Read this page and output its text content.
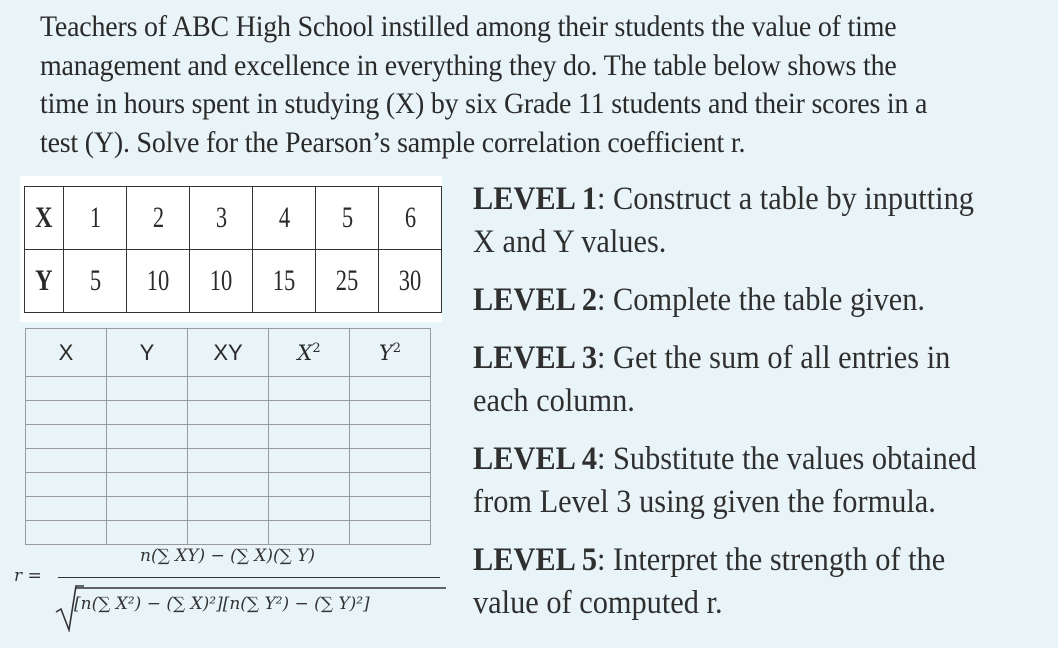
Teachers of ABC High School instilled among their students the value of time

management and excellence in everything they do. The table below shows the

time in hours spent in studying (X) by six Grade 11 students and their scores in a

test (Y). Solve for the Pearson’s sample correlation coefficient r.

X	1	2	3	4	5	6
Y	5	10	10	15	25	30
X	Y	XY	$X^2$	$Y^2$

r =
n(∑ XY) − (∑ X)(∑ Y)
[n(∑ X²) − (∑ X)²][n(∑ Y²) − (∑ Y)²]

LEVEL 1: Construct a table by inputting
X and Y values.

LEVEL 2: Complete the table given.

LEVEL 3: Get the sum of all entries in
each column.

LEVEL 4: Substitute the values obtained
from Level 3 using given the formula.

LEVEL 5: Interpret the strength of the
value of computed r.
